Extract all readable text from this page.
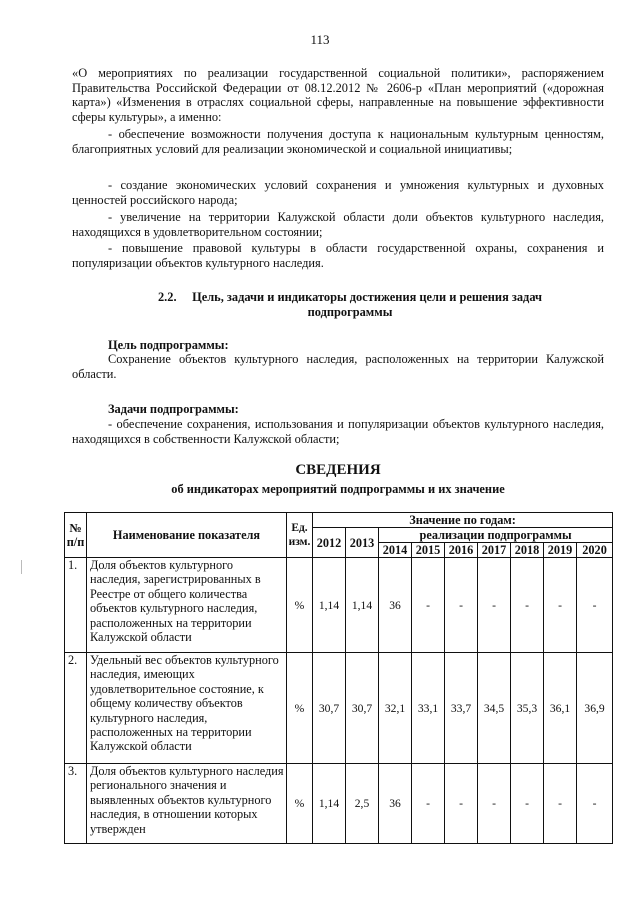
113
«О мероприятиях по реализации государственной социальной политики», распоряжением Правительства Российской Федерации от 08.12.2012 № 2606-р «План мероприятий («дорожная карта») «Изменения в отраслях социальной сферы, направленные на повышение эффективности сферы культуры», а именно:
- обеспечение возможности получения доступа к национальным культурным ценностям, благоприятных условий для реализации экономической и социальной инициативы;
- создание экономических условий сохранения и умножения культурных и духовных ценностей российского народа;
- увеличение на территории Калужской области доли объектов культурного наследия, находящихся в удовлетворительном состоянии;
- повышение правовой культуры в области государственной охраны, сохранения и популяризации объектов культурного наследия.
2.2. Цель, задачи и индикаторы достижения цели и решения задач
подпрограммы
Цель подпрограммы:
Сохранение объектов культурного наследия, расположенных на территории Калужской области.
Задачи подпрограммы:
- обеспечение сохранения, использования и популяризации объектов культурного наследия, находящихся в собственности Калужской области;
СВЕДЕНИЯ
об индикаторах мероприятий подпрограммы и их значение
№ п/п	Наименование показателя	Ед. изм.	Значение по годам:								
			2012	2013	реализации подпрограммы						
					2014	2015	2016	2017	2018	2019	2020
1.	Доля объектов культурного наследия, зарегистрированных в Реестре от общего количества объектов культурного наследия, расположенных на территории Калужской области	%	1,14	1,14	36	-	-	-	-	-	-
2.	Удельный вес объектов культурного наследия, имеющих удовлетворительное состояние, к общему количеству объектов культурного наследия, расположенных на территории Калужской области	%	30,7	30,7	32,1	33,1	33,7	34,5	35,3	36,1	36,9
3.	Доля объектов культурного наследия регионального значения и выявленных объектов культурного наследия, в отношении которых утвержден	%	1,14	2,5	36	-	-	-	-	-	-
